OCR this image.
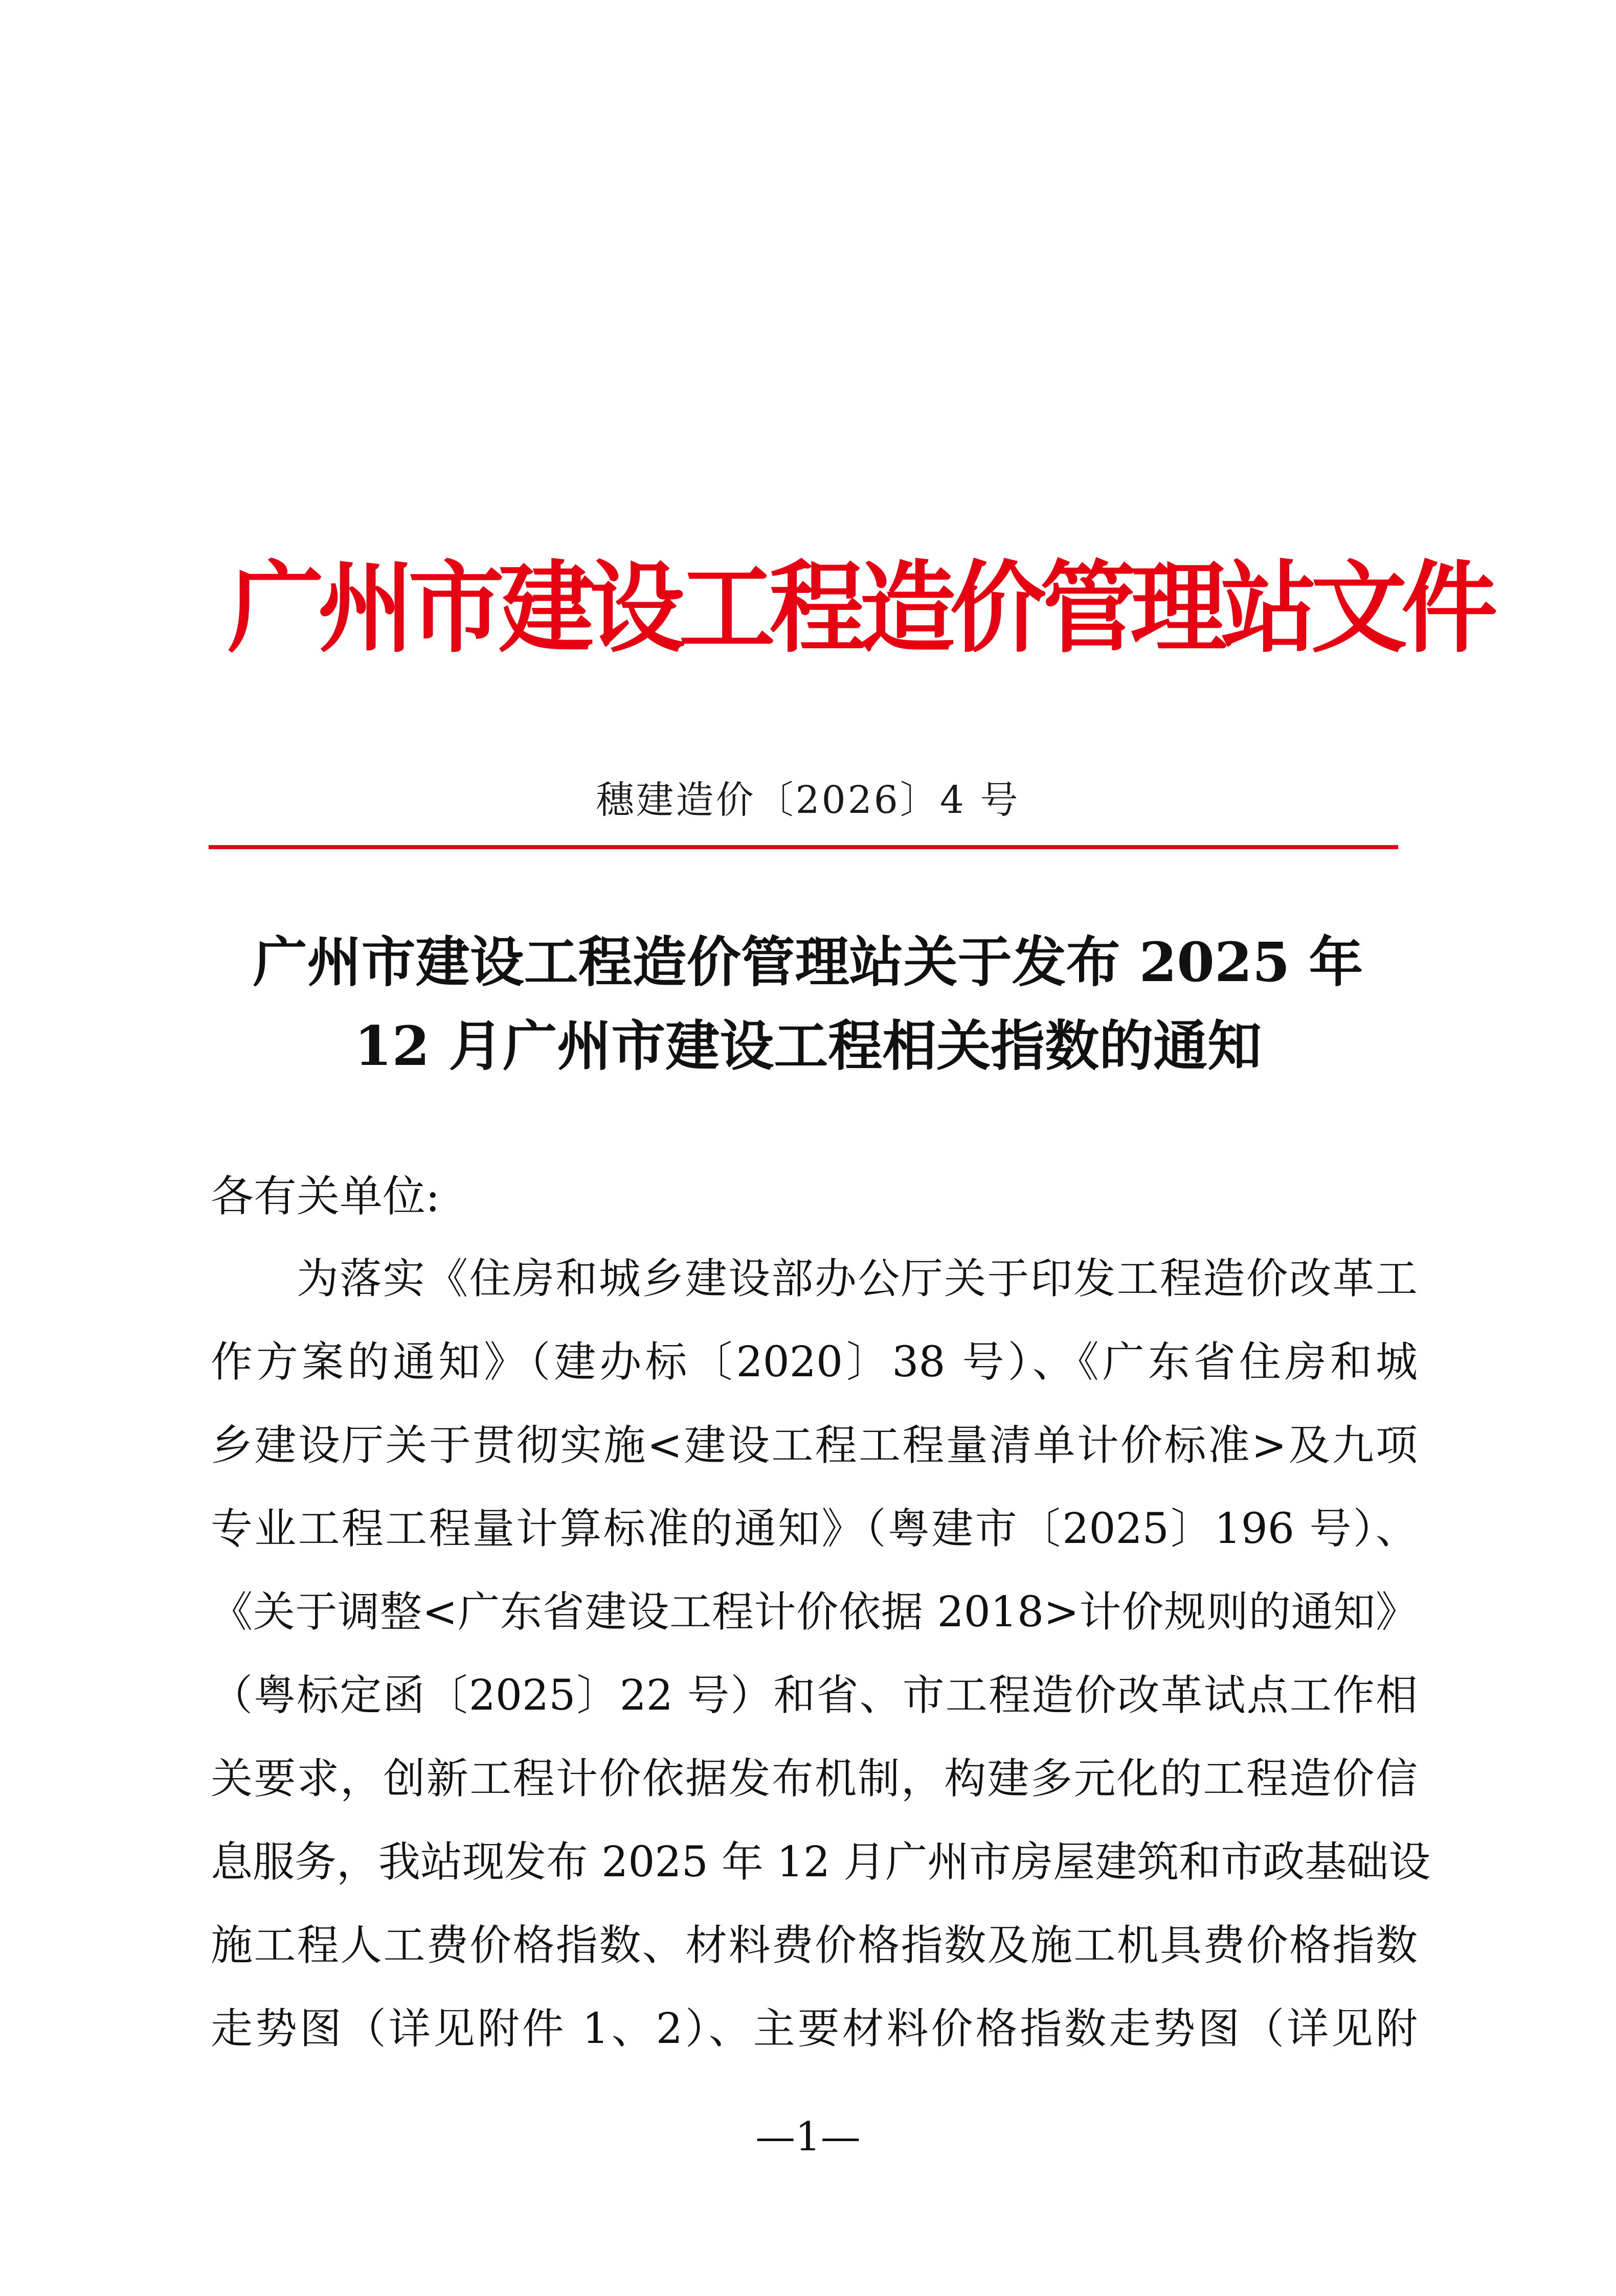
广州市建设工程造价管理站文件
穗建造价〔2026〕4 号
广州市建设工程造价管理站关于发布 2025 年
12 月广州市建设工程相关指数的通知
各有关单位:
为落实《住房和城乡建设部办公厅关于印发工程造价改革工
作方案的通知》（建办标〔2020〕38 号）、《广东省住房和城
乡建设厅关于贯彻实施<建设工程工程量清单计价标准>及九项
专业工程工程量计算标准的通知》（粤建市〔2025〕196 号）、
《关于调整<广东省建设工程计价依据 2018>计价规则的通知》
（粤标定函〔2025〕22 号）和省、市工程造价改革试点工作相
关要求，创新工程计价依据发布机制，构建多元化的工程造价信
息服务，我站现发布 2025 年 12 月广州市房屋建筑和市政基础设
施工程人工费价格指数、材料费价格指数及施工机具费价格指数
走势图（详见附件 1、2）、主要材料价格指数走势图（详见附
—1—
